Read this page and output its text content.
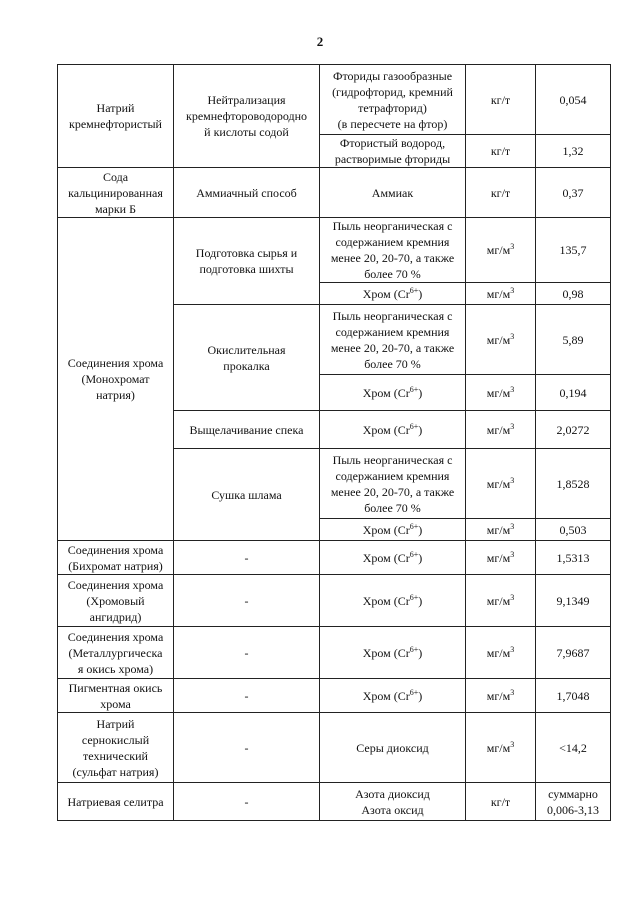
2
Натрий
кремнефтористый	Нейтрализация
кремнефтороводородно
й кислоты содой	Фториды газообразные
(гидрофторид, кремний
тетрафторид)
(в пересчете на фтор)	кг/т	0,054

		Фтористый водород,
растворимые фториды	кг/т	1,32

Сода
кальцинированная
марки Б	Аммиачный способ	Аммиак	кг/т	0,37

Соединения хрома
(Монохромат
натрия)	Подготовка сырья и
подготовка шихты	Пыль неорганическая с
содержанием кремния
менее 20, 20-70, а также
более 70 %	$мг/м^3$	135,7

		Хром $(Cr^{6+})$	$мг/м^3$	0,98

	Окислительная
прокалка	Пыль неорганическая с
содержанием кремния
менее 20, 20-70, а также
более 70 %	$мг/м^3$	5,89

		Хром $(Cr^{6+})$	$мг/м^3$	0,194

	Выщелачивание спека	Хром $(Cr^{6+})$	$мг/м^3$	2,0272

	Сушка шлама	Пыль неорганическая с
содержанием кремния
менее 20, 20-70, а также
более 70 %	$мг/м^3$	1,8528

		Хром $(Cr^{6+})$	$мг/м^3$	0,503

Соединения хрома
(Бихромат натрия)	-	Хром $(Cr^{6+})$	$мг/м^3$	1,5313

Соединения хрома
(Хромовый
ангидрид)	-	Хром $(Cr^{6+})$	$мг/м^3$	9,1349

Соединения хрома
(Металлургическа
я окись хрома)	-	Хром $(Cr^{6+})$	$мг/м^3$	7,9687

Пигментная окись
хрома	-	Хром $(Cr^{6+})$	$мг/м^3$	1,7048

Натрий
сернокислый
технический
(сульфат натрия)	-	Серы диоксид	$мг/м^3$	<14,2

Натриевая селитра	-	Азота диоксид
Азота оксид	кг/т	суммарно
0,006-3,13
